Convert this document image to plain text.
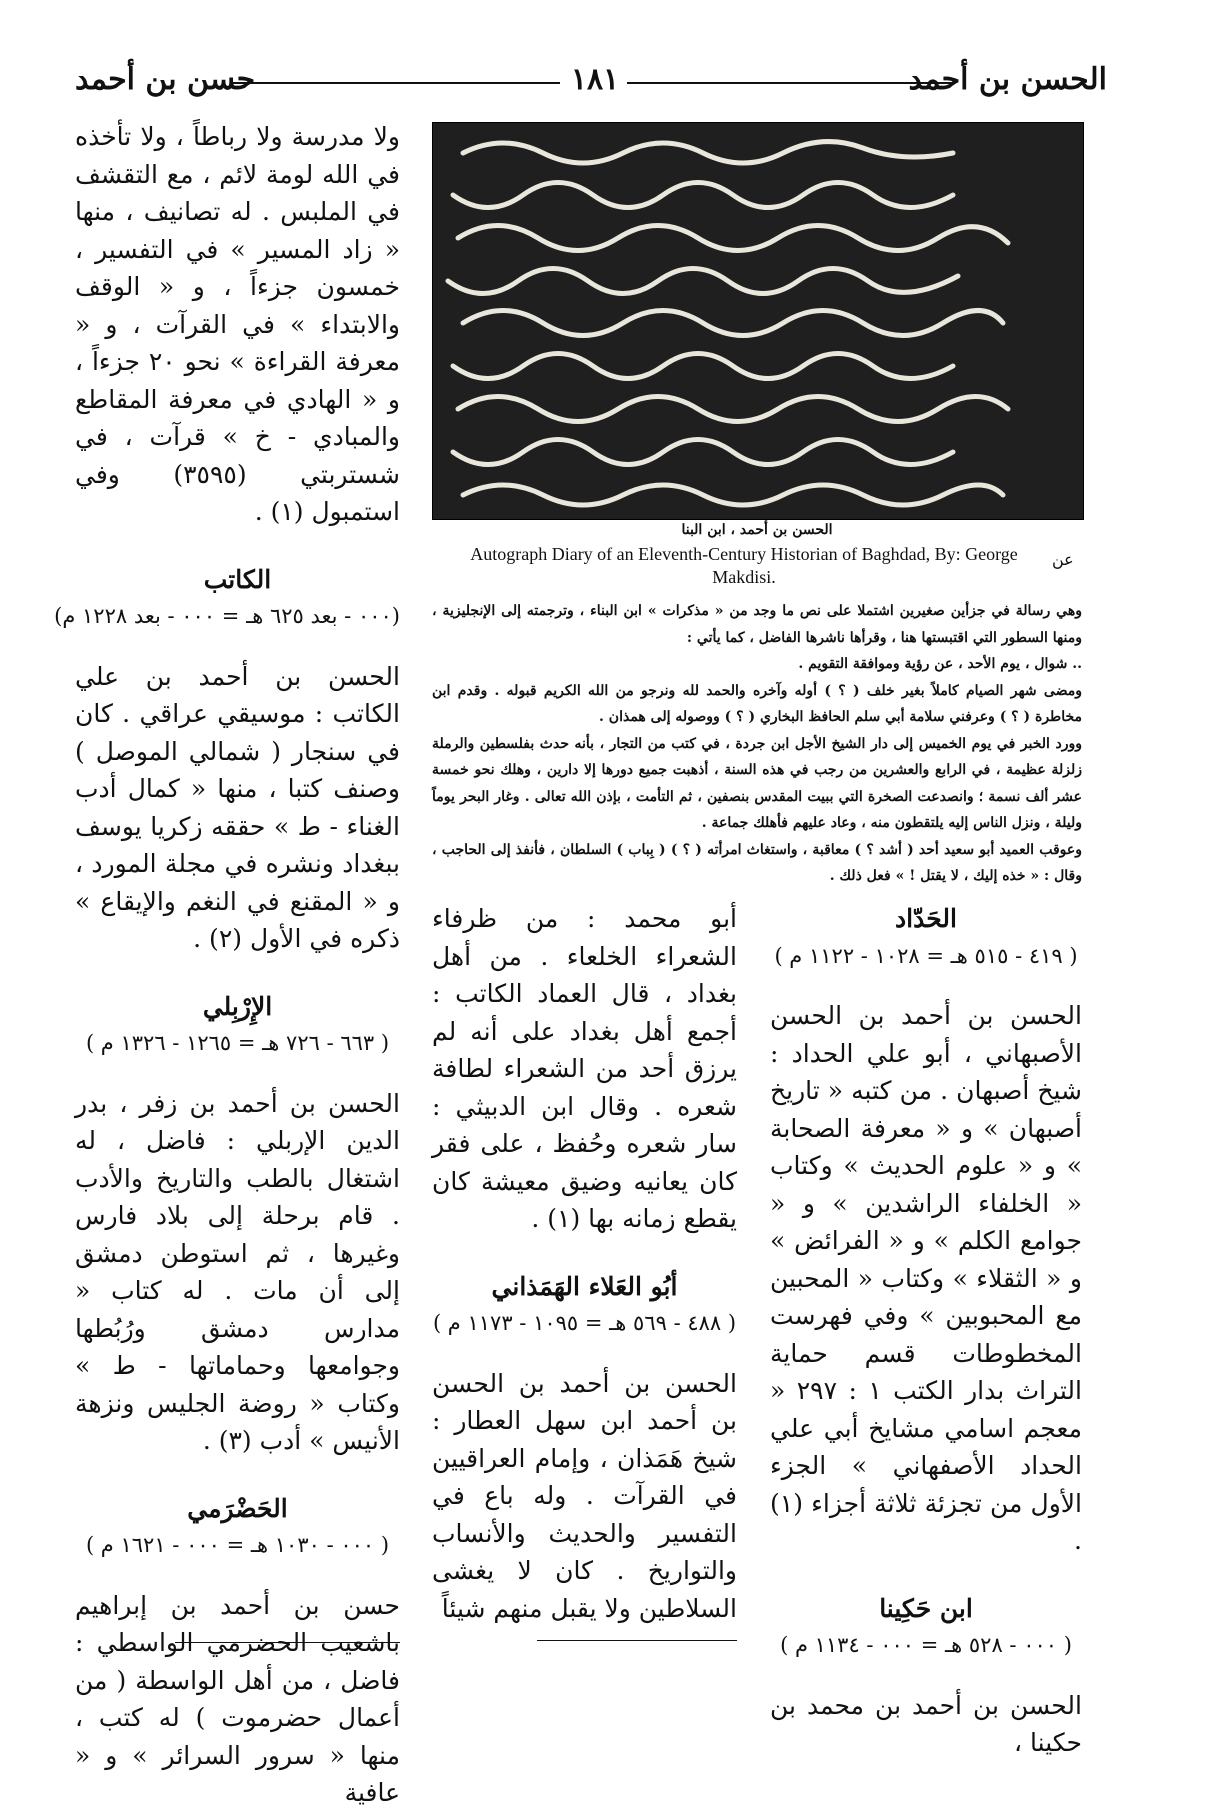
الحسن بن أحمد
١٨١
حسن بن أحمد

ولا مدرسة ولا رباطاً ، ولا تأخذه في الله لومة لائم ، مع التقشف في الملبس . له تصانيف ، منها « زاد المسير » في التفسير ، خمسون جزءاً ، و « الوقف والابتداء » في القرآت ، و « معرفة القراءة » نحو ٢٠ جزءاً ، و « الهادي في معرفة المقاطع والمبادي - خ » قرآت ، في شستربتي (٣٥٩٥) وفي استمبول (١) .

الكاتب

(٠٠٠ - بعد ٦٢٥ هـ = ٠٠٠ - بعد ١٢٢٨ م)

الحسن بن أحمد بن علي الكاتب : موسيقي عراقي . كان في سنجار ( شمالي الموصل ) وصنف كتبا ، منها « كمال أدب الغناء - ط » حققه زكريا يوسف ببغداد ونشره في مجلة المورد ، و « المقنع في النغم والإيقاع » ذكره في الأول (٢) .

الإِرْبِلي

( ٦٦٣ - ٧٢٦ هـ = ١٢٦٥ - ١٣٢٦ م )

الحسن بن أحمد بن زفر ، بدر الدين الإربلي : فاضل ، له اشتغال بالطب والتاريخ والأدب . قام برحلة إلى بلاد فارس وغيرها ، ثم استوطن دمشق إلى أن مات . له كتاب « مدارس دمشق ورُبُطها وجوامعها وحماماتها - ط » وكتاب « روضة الجليس ونزهة الأنيس » أدب (٣) .

الحَضْرَمي

( ٠٠٠ - ١٠٣٠ هـ = ٠٠٠ - ١٦٢١ م )

حسن بن أحمد بن إبراهيم باشعيب الحضرمي الواسطي : فاضل ، من أهل الواسطة ( من أعمال حضرموت ) له كتب ، منها « سرور السرائر » و « عافية

الحسن بن أحمد ، ابن البنا
عن
Autograph Diary of an Eleventh-Century Historian of Baghdad, By: George Makdisi.

وهي رسالة في جزأين صغيرين اشتملا على نص ما وجد من « مذكرات » ابن البناء ، وترجمته إلى الإنجليزية ، ومنها السطور التي اقتبستها هنا ، وقرأها ناشرها الفاضل ، كما يأتي :

.. شوال ، يوم الأحد ، عن رؤية وموافقة التقويم .

ومضى شهر الصيام كاملاً بغير خلف ( ؟ ) أوله وآخره والحمد لله ونرجو من الله الكريم قبوله . وقدم ابن مخاطرة ( ؟ ) وعرفني سلامة أبي سلم الحافظ البخاري ( ؟ ) ووصوله إلى همذان .

وورد الخبر في يوم الخميس إلى دار الشيخ الأجل ابن جردة ، في كتب من التجار ، بأنه حدث بفلسطين والرملة زلزلة عظيمة ، في الرابع والعشرين من رجب في هذه السنة ، أذهبت جميع دورها إلا دارين ، وهلك نحو خمسة عشر ألف نسمة ؛ وانصدعت الصخرة التي ببيت المقدس بنصفين ، ثم التأمت ، بإذن الله تعالى . وغار البحر يوماً وليلة ، ونزل الناس إليه يلتقطون منه ، وعاد عليهم فأهلك جماعة .

وعوقب العميد أبو سعيد أحد ( أشد ؟ ) معاقبة ، واستغاث امرأته ( ؟ ) ( بِباب ) السلطان ، فأنفذ إلى الحاجب ، وقال : « خذه إليك ، لا يقتل ! » فعل ذلك .

أبو محمد : من ظرفاء الشعراء الخلعاء . من أهل بغداد ، قال العماد الكاتب : أجمع أهل بغداد على أنه لم يرزق أحد من الشعراء لطافة شعره . وقال ابن الدبيثي : سار شعره وحُفظ ، على فقر كان يعانيه وضيق معيشة كان يقطع زمانه بها (١) .

أبُو العَلاء الهَمَذاني

( ٤٨٨ - ٥٦٩ هـ = ١٠٩٥ - ١١٧٣ م )

الحسن بن أحمد بن الحسن بن أحمد ابن سهل العطار : شيخ هَمَذان ، وإمام العراقيين في القرآت . وله باع في التفسير والحديث والأنساب والتواريخ . كان لا يغشى السلاطين ولا يقبل منهم شيئاً

الحَدّاد

( ٤١٩ - ٥١٥ هـ = ١٠٢٨ - ١١٢٢ م )

الحسن بن أحمد بن الحسن الأصبهاني ، أبو علي الحداد : شيخ أصبهان . من كتبه « تاريخ أصبهان » و « معرفة الصحابة » و « علوم الحديث » وكتاب « الخلفاء الراشدين » و « جوامع الكلم » و « الفرائض » و « الثقلاء » وكتاب « المحبين مع المحبوبين » وفي فهرست المخطوطات قسم حماية التراث بدار الكتب ١ : ٢٩٧ « معجم اسامي مشايخ أبي علي الحداد الأصفهاني » الجزء الأول من تجزئة ثلاثة أجزاء (١) .

ابن حَكِينا

( ٠٠٠ - ٥٢٨ هـ = ٠٠٠ - ١١٣٤ م )

الحسن بن أحمد بن محمد بن حكينا ،
